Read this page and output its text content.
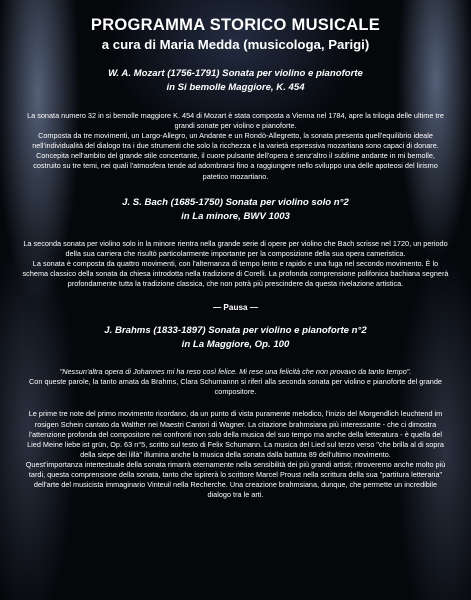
PROGRAMMA STORICO MUSICALE
a cura di Maria Medda (musicologa, Parigi)
W. A. Mozart (1756-1791) Sonata per violino e pianoforte
in Si bemolle Maggiore, K. 454

La sonata numero 32 in si bemolle maggiore K. 454 di Mozart è stata composta a Vienna nel 1784, apre la trilogia delle ultime tre grandi sonate per violino e pianoforte.

Composta da tre movimenti, un Largo-Allegro, un Andante e un Rondò-Allegretto, la sonata presenta quell'equilibrio ideale nell'individualità del dialogo tra i due strumenti che solo la ricchezza e la varietà espressiva mozartiana sono capaci di donare. Concepita nell'ambito del grande stile concertante, il cuore pulsante dell'opera è senz'altro il sublime andante in mi bemolle, costruito su tre temi, nei quali l'atmosfera tende ad adombrarsi fino a raggiungere nello sviluppo una delle apoteosi del lirismo patetico mozartiano.

J. S. Bach (1685-1750) Sonata per violino solo n°2
in La minore, BWV 1003

La seconda sonata per violino solo in la minore rientra nella grande serie di opere per violino che Bach scrisse nel 1720, un periodo della sua carriera che risultò particolarmente importante per la composizione della sua opera cameristica.

La sonata è composta da quattro movimenti, con l'alternanza di tempo lento e rapido e una fuga nel secondo movimento. È lo schema classico della sonata da chiesa introdotta nella tradizione di Corelli. La profonda comprensione polifonica bachiana segnerà profondamente tutta la tradizione classica, che non potrà più prescindere da questa rivelazione artistica.

— Pausa —
J. Brahms (1833-1897) Sonata per violino e pianoforte n°2
in La Maggiore, Op. 100

"Nessun'altra opera di Johannes mi ha reso così felice. Mi rese una felicità che non provavo da tanto tempo".

Con queste parole, la tanto amata da Brahms, Clara Schumannn si riferì alla seconda sonata per violino e pianoforte del grande compositore.

Le prime tre note del primo movimento ricordano, da un punto di vista puramente melodico, l'inizio del Morgendlich leuchtend im rosigen Schein cantato da Walther nei Maestri Cantori di Wagner. La citazione brahmsiana più interessante - che ci dimostra l'attenzione profonda del compositore nei confronti non solo della musica del suo tempo ma anche della letteratura - è quella del Lied Meine liebe ist grün, Op. 63 n°5, scritto sul testo di Felix Schumann. La musica del Lied sul terzo verso "che brilla al di sopra della siepe dei lillà" illumina anche la musica della sonata dalla battuta 89 dell'ultimo movimento.

Quest'importanza intertestuale della sonata rimarrà eternamente nella sensibilità dei più grandi artisti; ritroveremo anche molto più tardi, questa comprensione della sonata, tanto che ispirerà lo scrittore Marcel Proust nella scrittura della sua "partitura letteraria" dell'arte del musicista immaginario Vinteuil nella Recherche. Una creazione brahmsiana, dunque, che permette un incredibile dialogo tra le arti.
